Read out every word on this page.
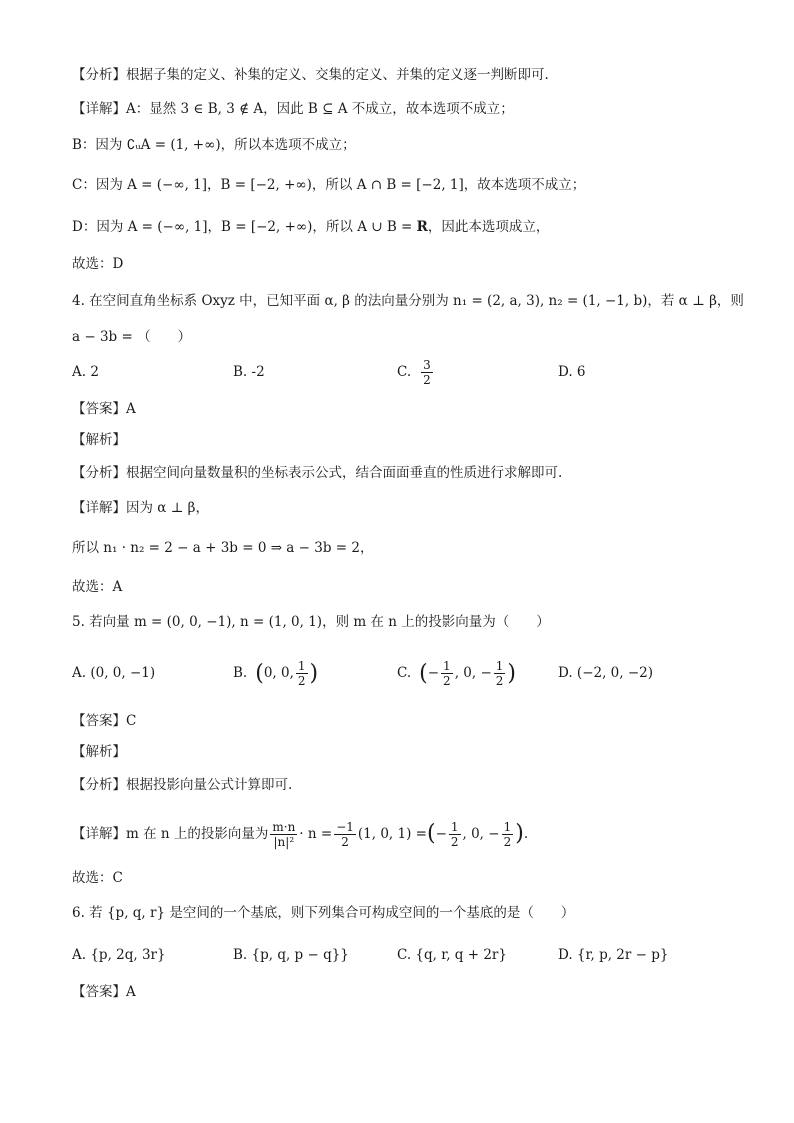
【分析】根据子集的定义、补集的定义、交集的定义、并集的定义逐一判断即可.
【详解】A：显然 3 ∈ B, 3 ∉ A，因此 B ⊆ A 不成立，故本选项不成立；
B：因为 ∁ᵤA = (1, +∞)，所以本选项不成立；
C：因为 A = (−∞, 1]，B = [−2, +∞)，所以 A ∩ B = [−2, 1]，故本选项不成立；
D：因为 A = (−∞, 1]，B = [−2, +∞)，所以 A ∪ B = R，因此本选项成立，
故选：D
4. 在空间直角坐标系 Oxyz 中，已知平面 α, β 的法向量分别为 n₁ = (2, a, 3), n₂ = (1, −1, b)，若 α ⊥ β，则
a − 3b = （　　）
A. 2	B. -2	C. $\frac{3}{2}$	D. 6
【答案】A
【解析】
【分析】根据空间向量数量积的坐标表示公式，结合面面垂直的性质进行求解即可.
【详解】因为 α ⊥ β，
所以 n₁ · n₂ = 2 − a + 3b = 0 ⇒ a − 3b = 2，
故选：A
5. 若向量 m = (0, 0, −1), n = (1, 0, 1)，则 m 在 n 上的投影向量为（　　）
A. (0, 0, −1)	B. ( 0, 0, $\frac{1}{2}$ )	C. ( − $\frac{1}{2}$ , 0, − $\frac{1}{2}$ )	D. (−2, 0, −2)
【答案】C
【解析】
【分析】根据投影向量公式计算即可.
【详解】m 在 n 上的投影向量为 $\frac{m\cdot n}{\text{|n|²}} \cdot n = \frac{-1}{2} (1$, 0, 1) = ( − $\frac{1}{2}$ , 0, − $\frac{1}{2}$ ) .
故选：C
6. 若 {p, q, r} 是空间的一个基底，则下列集合可构成空间的一个基底的是（　　）
A. {p, 2q, 3r}	B. {p, q, p − q}}	C. {q, r, q + 2r}	D. {r, p, 2r − p}
【答案】A
